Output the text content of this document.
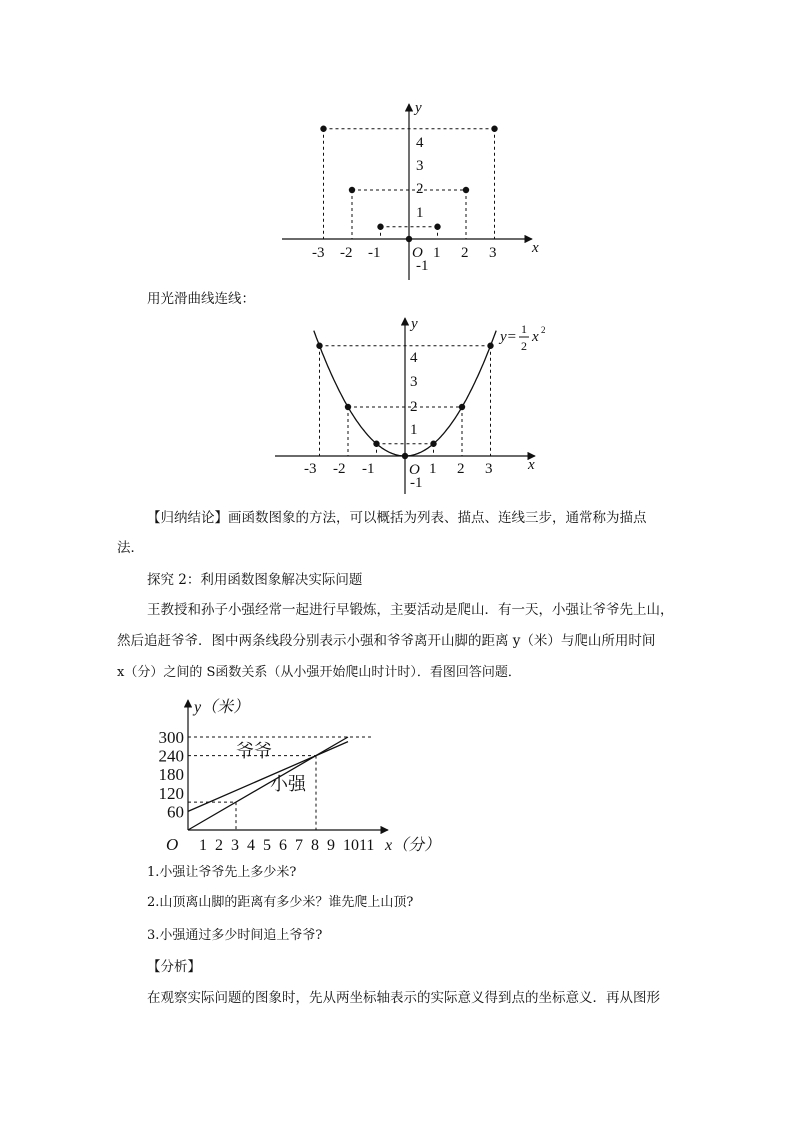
x
y
O
-3 -2 -1	1 2 3
4
3
2
1
-1
用光滑曲线连线：
x
y
O
y= 1
2
x 2
-3 -2 -1	1 2 3
4
3
2
1
-1
【归纳结论】画函数图象的方法，可以概括为列表、描点、连线三步，通常称为描点
法．
探究 2：利用函数图象解决实际问题
王教授和孙子小强经常一起进行早锻炼，主要活动是爬山．有一天，小强让爷爷先上山，
然后追赶爷爷．图中两条线段分别表示小强和爷爷离开山脚的距离 y（米）与爬山所用时间
x（分）之间的 S函数关系（从小强开始爬山时计时）．看图回答问题．
y（米）
x（分）
O 1 2 3 4 5 6 7 8 9 10 11
60
120
180
240
300
爷爷
小强
1.小强让爷爷先上多少米?
2.山顶离山脚的距离有多少米？谁先爬上山顶?
3.小强通过多少时间追上爷爷?
【分析】
在观察实际问题的图象时，先从两坐标轴表示的实际意义得到点的坐标意义．再从图形
